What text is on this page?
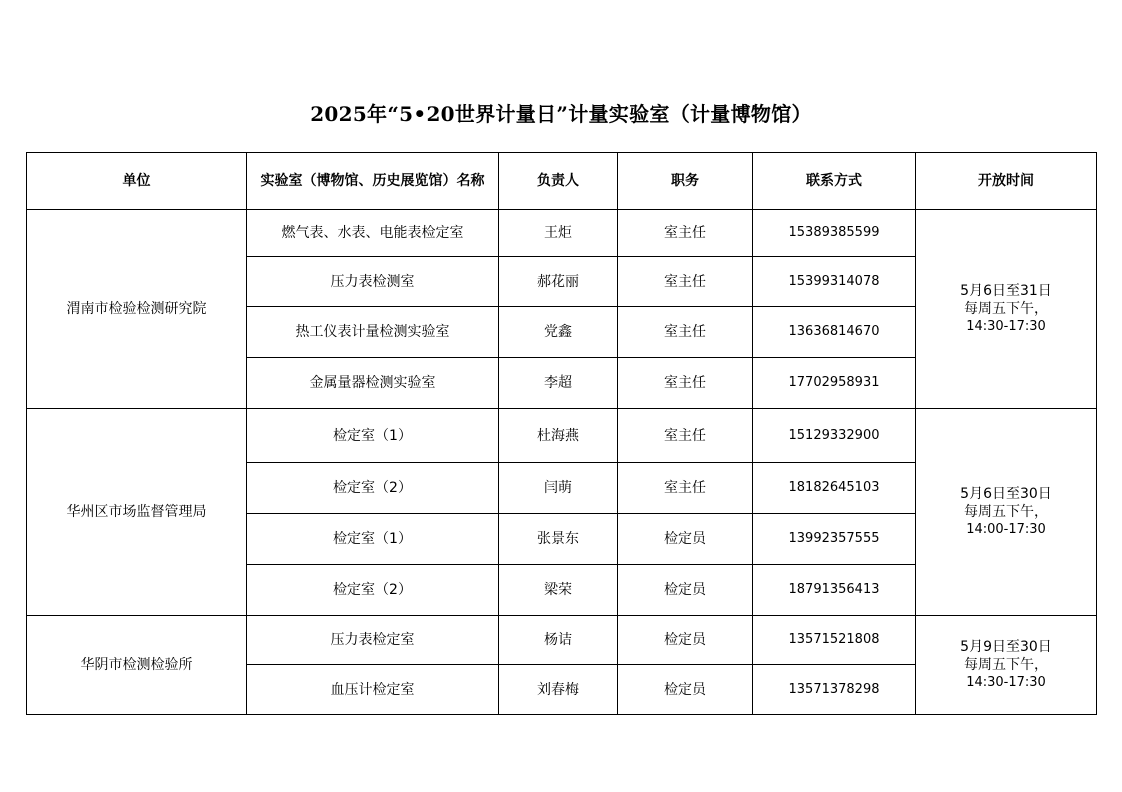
2025年“5•20世界计量日”计量实验室（计量博物馆）
单位	实验室（博物馆、历史展览馆）名称	负责人	职务	联系方式	开放时间
渭南市检验检测研究院	燃气表、水表、电能表检定室	王炬	室主任	15389385599	5月6日至31日
每周五下午，
14:30-17:30

	压力表检测室	郝花丽	室主任	15399314078	
	热工仪表计量检测实验室	党鑫	室主任	13636814670	
	金属量器检测实验室	李超	室主任	17702958931	
华州区市场监督管理局	检定室（1）	杜海燕	室主任	15129332900	5月6日至30日
每周五下午，
14:00-17:30

	检定室（2）	闫萌	室主任	18182645103	
	检定室（1）	张景东	检定员	13992357555	
	检定室（2）	梁荣	检定员	18791356413	
华阴市检测检验所	压力表检定室	杨诘	检定员	13571521808	5月9日至30日
每周五下午，
14:30-17:30

	血压计检定室	刘春梅	检定员	13571378298	
